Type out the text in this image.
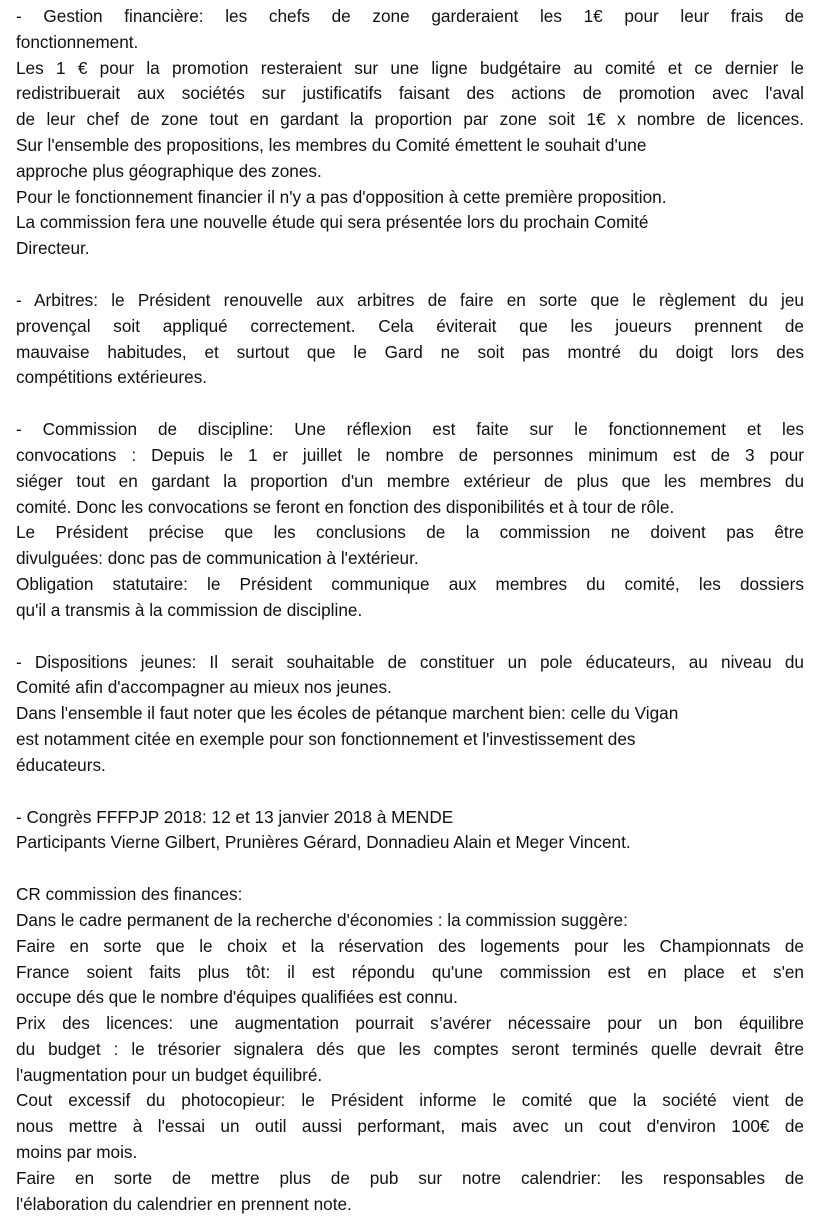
- Gestion financière: les chefs de zone garderaient les 1€ pour leur frais de
fonctionnement.
Les 1 € pour la promotion resteraient sur une ligne budgétaire au comité et ce dernier le
redistribuerait aux sociétés sur justificatifs faisant des actions de promotion avec l'aval
de leur chef de zone tout en gardant la proportion par zone soit 1€ x nombre de licences.
Sur l'ensemble des propositions, les membres du Comité émettent le souhait d'une
approche plus géographique des zones.
Pour le fonctionnement financier il n'y a pas d'opposition à cette première proposition.
La commission fera une nouvelle étude qui sera présentée lors du prochain Comité
Directeur.
- Arbitres: le Président renouvelle aux arbitres de faire en sorte que le règlement du jeu
provençal soit appliqué correctement. Cela éviterait que les joueurs prennent de
mauvaise habitudes, et surtout que le Gard ne soit pas montré du doigt lors des
compétitions extérieures.
- Commission de discipline: Une réflexion est faite sur le fonctionnement et les
convocations : Depuis le 1 er juillet le nombre de personnes minimum est de 3 pour
siéger tout en gardant la proportion d'un membre extérieur de plus que les membres du
comité. Donc les convocations se feront en fonction des disponibilités et à tour de rôle.
Le Président précise que les conclusions de la commission ne doivent pas être
divulguées: donc pas de communication à l'extérieur.
Obligation statutaire: le Président communique aux membres du comité, les dossiers
qu'il a transmis à la commission de discipline.
- Dispositions jeunes: Il serait souhaitable de constituer un pole éducateurs, au niveau du
Comité afin d'accompagner au mieux nos jeunes.
Dans l'ensemble il faut noter que les écoles de pétanque marchent bien: celle du Vigan
est notamment citée en exemple pour son fonctionnement et l'investissement des
éducateurs.
- Congrès FFFPJP 2018: 12 et 13 janvier 2018 à MENDE
Participants Vierne Gilbert, Prunières Gérard, Donnadieu Alain et Meger Vincent.
CR commission des finances:
Dans le cadre permanent de la recherche d'économies : la commission suggère:
Faire en sorte que le choix et la réservation des logements pour les Championnats de
France soient faits plus tôt: il est répondu qu'une commission est en place et s'en
occupe dés que le nombre d'équipes qualifiées est connu.
Prix des licences: une augmentation pourrait s’avérer nécessaire pour un bon équilibre
du budget : le trésorier signalera dés que les comptes seront terminés quelle devrait être
l'augmentation pour un budget équilibré.
Cout excessif du photocopieur: le Président informe le comité que la société vient de
nous mettre à l'essai un outil aussi performant, mais avec un cout d'environ 100€ de
moins par mois.
Faire en sorte de mettre plus de pub sur notre calendrier: les responsables de
l'élaboration du calendrier en prennent note.
